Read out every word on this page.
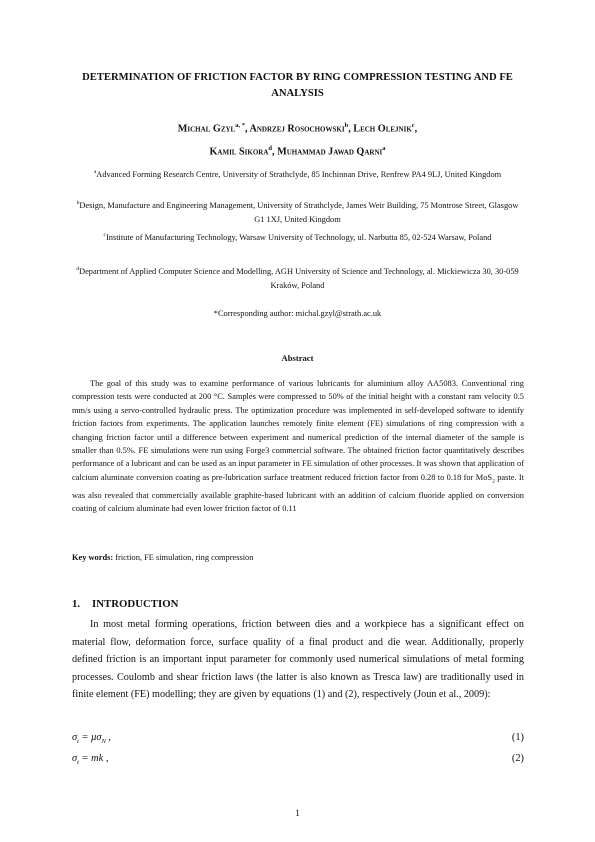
DETERMINATION OF FRICTION FACTOR BY RING COMPRESSION TESTING AND FE ANALYSIS
Michal Gzyl$^{a, *}$, Andrzej Rosochowski$^b$, Lech Olejnik$^c$,
Kamil Sikora$^d$, Muhammad Jawad Qarni$^a$
$^a$Advanced Forming Research Centre, University of Strathclyde, 85 Inchinnan Drive, Renfrew PA4 9LJ, United Kingdom
$^b$Design, Manufacture and Engineering Management, University of Strathclyde, James Weir Building, 75 Montrose Street, Glasgow G1 1XJ, United Kingdom
$^c$Institute of Manufacturing Technology, Warsaw University of Technology, ul. Narbutta 85, 02-524 Warsaw, Poland
$^d$Department of Applied Computer Science and Modelling, AGH University of Science and Technology, al. Mickiewicza 30, 30-059 Kraków, Poland
*Corresponding author: michal.gzyl@strath.ac.uk
Abstract
The goal of this study was to examine performance of various lubricants for aluminium alloy AA5083. Conventional ring compression tests were conducted at 200 °C. Samples were compressed to 50% of the initial height with a constant ram velocity 0.5 mm/s using a servo-controlled hydraulic press. The optimization procedure was implemented in self-developed software to identify friction factors from experiments. The application launches remotely finite element (FE) simulations of ring compression with a changing friction factor until a difference between experiment and numerical prediction of the internal diameter of the sample is smaller than 0.5%. FE simulations were run using Forge3 commercial software. The obtained friction factor quantitatively describes performance of a lubricant and can be used as an input parameter in FE simulation of other processes. It was shown that application of calcium aluminate conversion coating as pre-lubrication surface treatment reduced friction factor from 0.28 to 0.18 for MoS$_2$ paste. It was also revealed that commercially available graphite-based lubricant with an addition of calcium fluoride applied on conversion coating of calcium aluminate had even lower friction factor of 0.11
Key words: friction, FE simulation, ring compression
1. INTRODUCTION
In most metal forming operations, friction between dies and a workpiece has a significant effect on material flow, deformation force, surface quality of a final product and die wear. Additionally, properly defined friction is an important input parameter for commonly used numerical simulations of metal forming processes. Coulomb and shear friction laws (the latter is also known as Tresca law) are traditionally used in finite element (FE) modelling; they are given by equations (1) and (2), respectively (Joun et al., 2009):
$\sigma_t = \mu\sigma_N$ ,	(1)
$\sigma_t$ = mk ,	(2)
1
